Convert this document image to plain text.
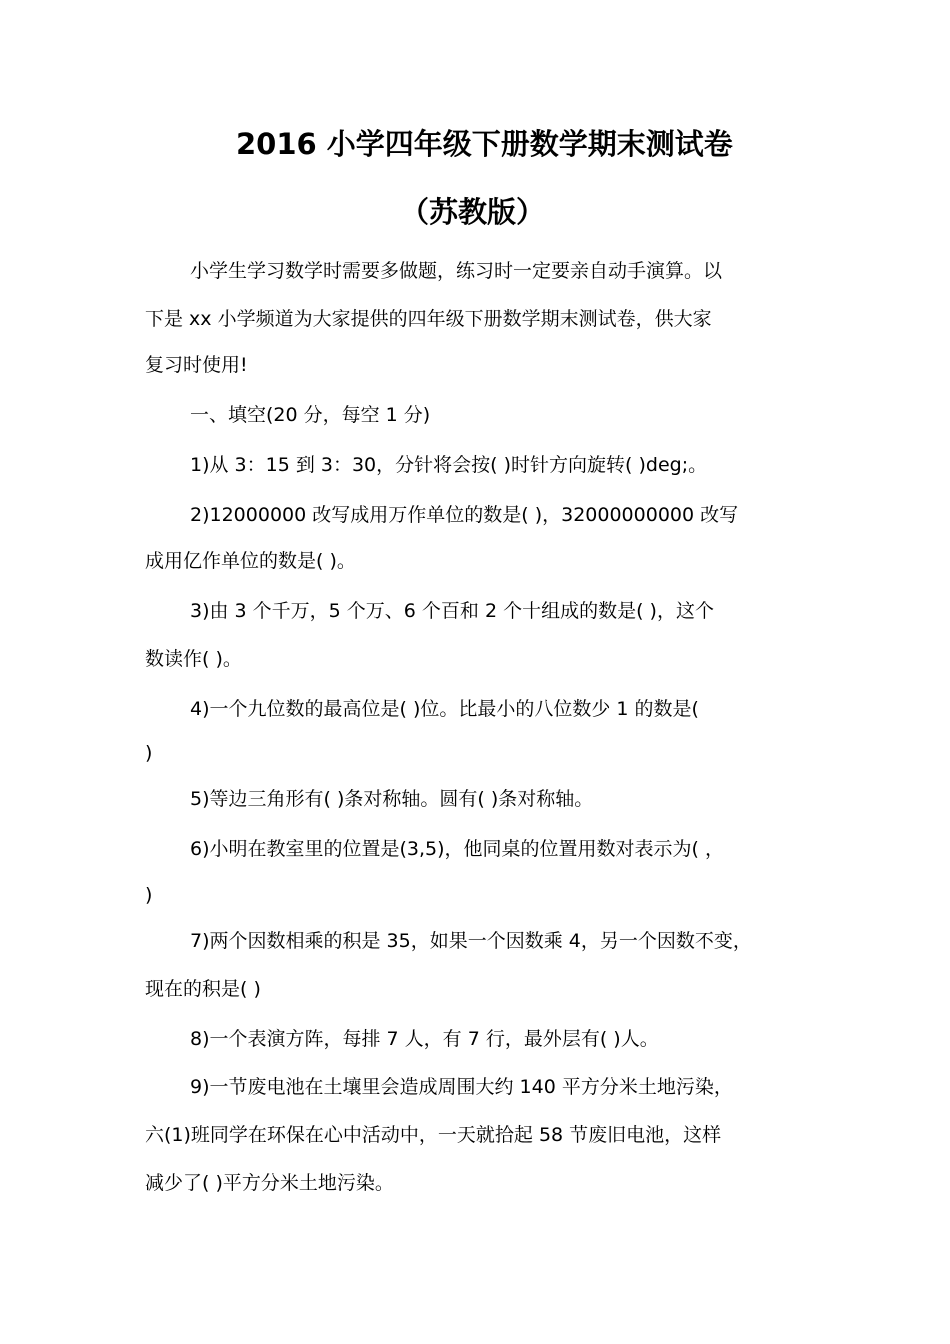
2016 小学四年级下册数学期末测试卷
（苏教版）
小学生学习数学时需要多做题，练习时一定要亲自动手演算。以
下是 xx 小学频道为大家提供的四年级下册数学期末测试卷，供大家
复习时使用!
一、填空(20 分，每空 1 分)
1)从 3：15 到 3：30，分针将会按( )时针方向旋转( )deg;。
2)12000000 改写成用万作单位的数是( )，32000000000 改写
成用亿作单位的数是( )。
3)由 3 个千万，5 个万、6 个百和 2 个十组成的数是( )，这个
数读作( )。
4)一个九位数的最高位是( )位。比最小的八位数少 1 的数是(
)
5)等边三角形有( )条对称轴。圆有( )条对称轴。
6)小明在教室里的位置是(3,5)，他同桌的位置用数对表示为( ，
)
7)两个因数相乘的积是 35，如果一个因数乘 4，另一个因数不变，
现在的积是( )
8)一个表演方阵，每排 7 人，有 7 行，最外层有( )人。
9)一节废电池在土壤里会造成周围大约 140 平方分米土地污染，
六(1)班同学在环保在心中活动中，一天就拾起 58 节废旧电池，这样
减少了( )平方分米土地污染。
